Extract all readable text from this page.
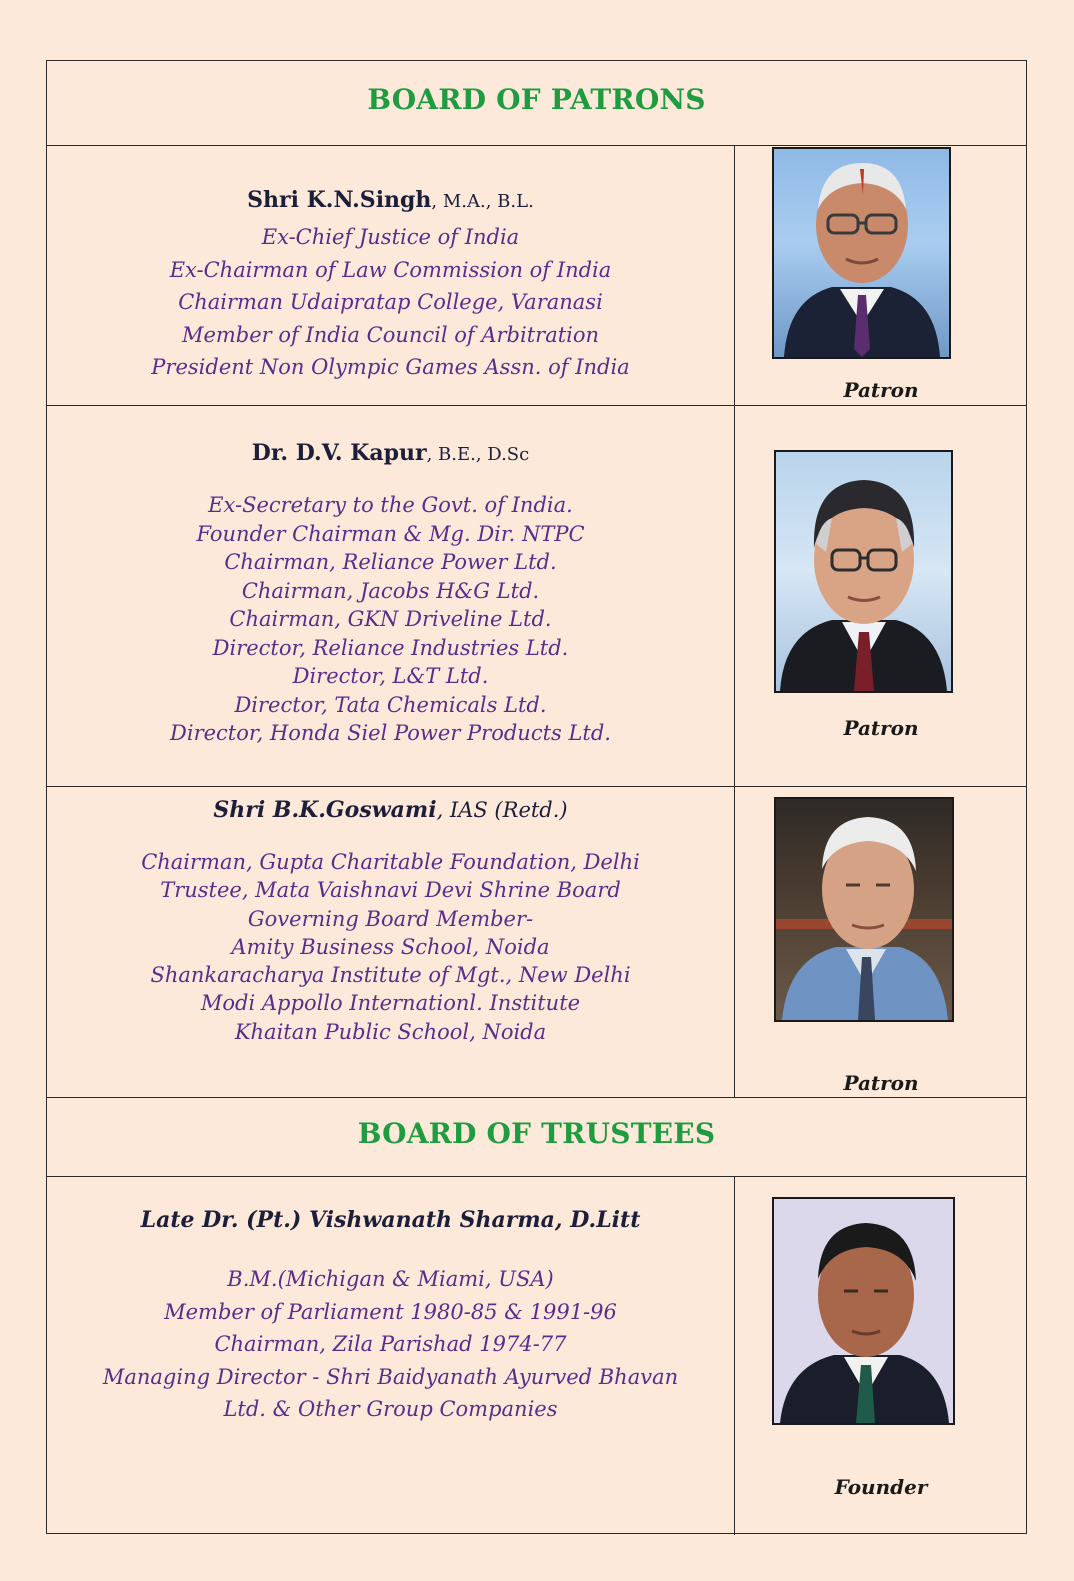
BOARD OF PATRONS
Shri K.N.Singh, M.A., B.L.
Ex-Chief Justice of India
Ex-Chairman of Law Commission of India
Chairman Udaipratap College, Varanasi
Member of India Council of Arbitration
President Non Olympic Games Assn. of India
Patron
Dr. D.V. Kapur, B.E., D.Sc
Ex-Secretary to the Govt. of India.
Founder Chairman & Mg. Dir. NTPC
Chairman, Reliance Power Ltd.
Chairman, Jacobs H&G Ltd.
Chairman, GKN Driveline Ltd.
Director, Reliance Industries Ltd.
Director, L&T Ltd.
Director, Tata Chemicals Ltd.
Director, Honda Siel Power Products Ltd.	Patron
Shri B.K.Goswami, IAS (Retd.)
Chairman, Gupta Charitable Foundation, Delhi
Trustee, Mata Vaishnavi Devi Shrine Board
Governing Board Member-
Amity Business School, Noida
Shankaracharya Institute of Mgt., New Delhi
Modi Appollo Internationl. Institute
Khaitan Public School, Noida
Patron
BOARD OF TRUSTEES
Late Dr. (Pt.) Vishwanath Sharma, D.Litt
B.M.(Michigan & Miami, USA)
Member of Parliament 1980-85 & 1991-96
Chairman, Zila Parishad 1974-77
Managing Director - Shri Baidyanath Ayurved Bhavan
Ltd. & Other Group Companies
Founder
